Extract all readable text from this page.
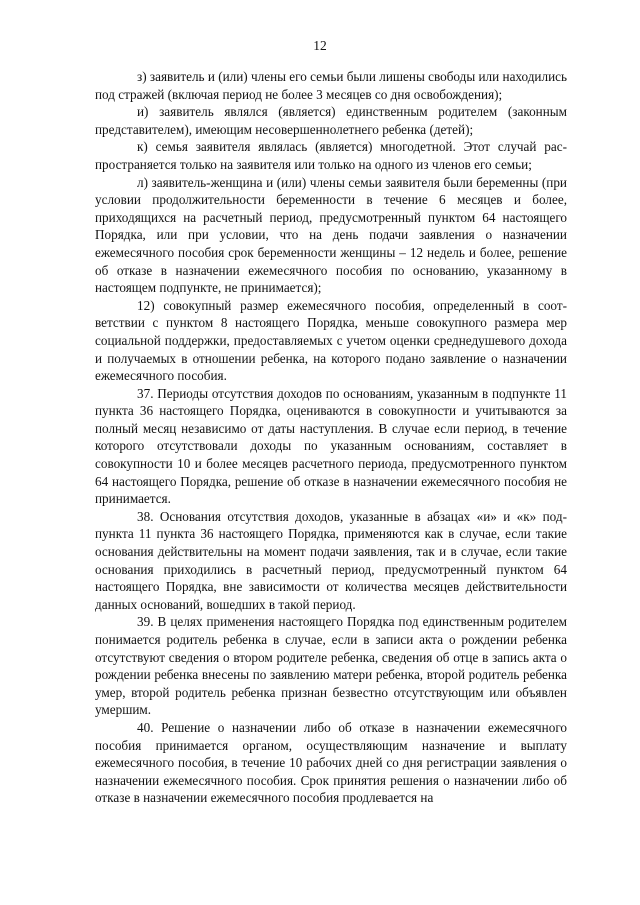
12

з) заявитель и (или) члены его семьи были лишены свободы или находились под стражей (включая период не более 3 месяцев со дня освобождения);

и) заявитель являлся (является) единственным родителем (законным представителем), имеющим несовершеннолетнего ребенка (детей);

к) семья заявителя являлась (является) многодетной. Этот случай распространяется только на заявителя или только на одного из членов его семьи;

л) заявитель-женщина и (или) члены семьи заявителя были беременны (при условии продолжительности беременности в течение 6 месяцев и более, приходящихся на расчетный период, предусмотренный пунктом 64 настоящего Порядка, или при условии, что на день подачи заявления о назначении ежемесячного пособия срок беременности женщины – 12 недель и более, решение об отказе в назначении ежемесячного пособия по основанию, указанному в настоящем подпункте, не принимается);

12) совокупный размер ежемесячного пособия, определенный в соответствии с пунктом 8 настоящего Порядка, меньше совокупного размера мер социальной поддержки, предоставляемых с учетом оценки среднедушевого дохода и получаемых в отношении ребенка, на которого подано заявление о назначении ежемесячного пособия.

37. Периоды отсутствия доходов по основаниям, указанным в подпункте 11 пункта 36 настоящего Порядка, оцениваются в совокупности и учитываются за полный месяц независимо от даты наступления. В случае если период, в течение которого отсутствовали доходы по указанным основаниям, составляет в совокупности 10 и более месяцев расчетного периода, предусмотренного пунктом 64 настоящего Порядка, решение об отказе в назначении ежемесячного пособия не принимается.

38. Основания отсутствия доходов, указанные в абзацах «и» и «к» подпункта 11 пункта 36 настоящего Порядка, применяются как в случае, если такие основания действительны на момент подачи заявления, так и в случае, если такие основания приходились в расчетный период, предусмотренный пунктом 64 настоящего Порядка, вне зависимости от количества месяцев действительности данных оснований, вошедших в такой период.

39. В целях применения настоящего Порядка под единственным родителем понимается родитель ребенка в случае, если в записи акта о рождении ребенка отсутствуют сведения о втором родителе ребенка, сведения об отце в запись акта о рождении ребенка внесены по заявлению матери ребенка, второй родитель ребенка умер, второй родитель ребенка признан безвестно отсутствующим или объявлен умершим.

40. Решение о назначении либо об отказе в назначении ежемесячного пособия принимается органом, осуществляющим назначение и выплату ежемесячного пособия, в течение 10 рабочих дней со дня регистрации заявления о назначении ежемесячного пособия. Срок принятия решения о назначении либо об отказе в назначении ежемесячного пособия продлевается на
